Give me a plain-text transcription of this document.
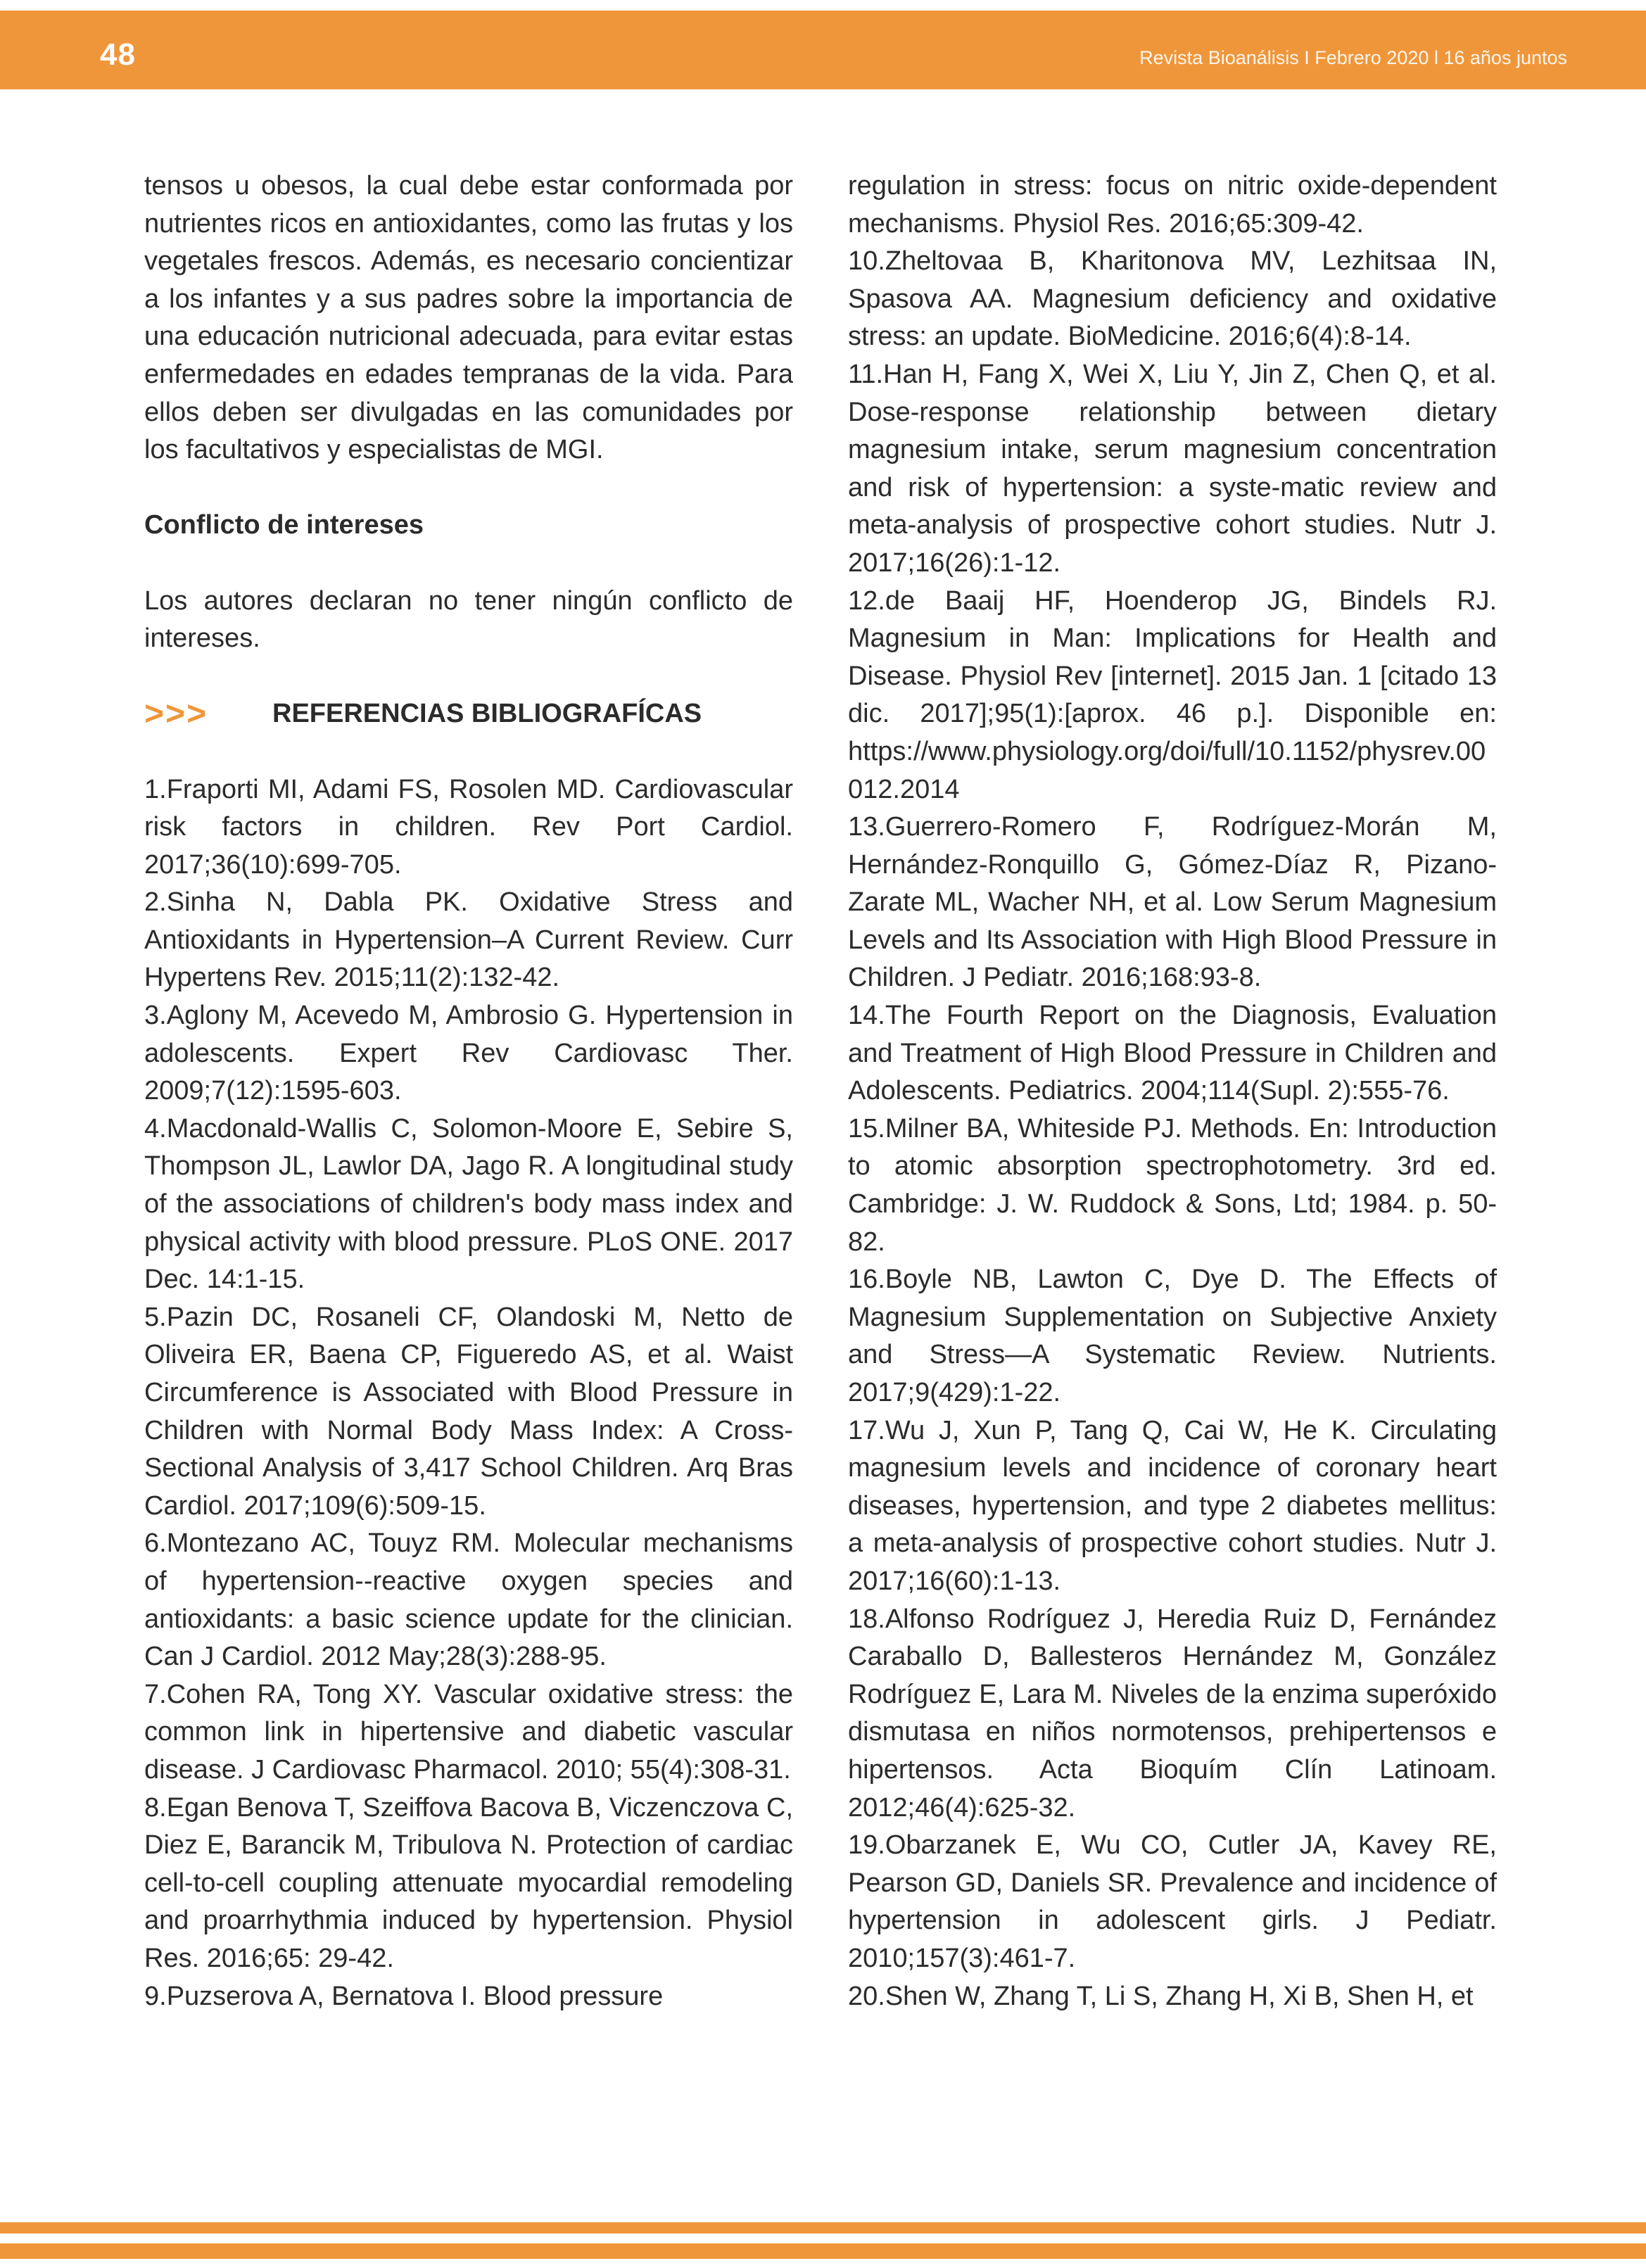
48	Revista Bioanálisis I Febrero 2020 l 16 años juntos

tensos u obesos, la cual debe estar conformada por nutrientes ricos en antioxidantes, como las frutas y los vegetales frescos. Además, es necesario concientizar a los infantes y a sus padres sobre la importancia de una educación nutricional adecuada, para evitar estas enfermedades en edades tempranas de la vida. Para ellos deben ser divulgadas en las comunidades por los facultativos y especialistas de MGI.

Conflicto de intereses

Los autores declaran no tener ningún conflicto de intereses.

>>>	REFERENCIAS BIBLIOGRAFÍCAS

1.Fraporti MI, Adami FS, Rosolen MD. Cardiovascular risk factors in children. Rev Port Cardiol. 2017;36(10):699-705.

2.Sinha N, Dabla PK. Oxidative Stress and Antioxidants in Hypertension–A Current Review. Curr Hypertens Rev. 2015;11(2):132-42.

3.Aglony M, Acevedo M, Ambrosio G. Hypertension in adolescents. Expert Rev Cardiovasc Ther. 2009;7(12):1595-603.

4.Macdonald-Wallis C, Solomon-Moore E, Sebire S, Thompson JL, Lawlor DA, Jago R. A longitudinal study of the associations of children's body mass index and physical activity with blood pressure. PLoS ONE. 2017 Dec. 14:1-15.

5.Pazin DC, Rosaneli CF, Olandoski M, Netto de Oliveira ER, Baena CP, Figueredo AS, et al. Waist Circumference is Associated with Blood Pressure in Children with Normal Body Mass Index: A Cross-Sectional Analysis of 3,417 School Children. Arq Bras Cardiol. 2017;109(6):509-15.

6.Montezano AC, Touyz RM. Molecular mechanisms of hypertension--reactive oxygen species and antioxidants: a basic science update for the clinician. Can J Cardiol. 2012 May;28(3):288-95.

7.Cohen RA, Tong XY. Vascular oxidative stress: the common link in hipertensive and diabetic vascular disease. J Cardiovasc Pharmacol. 2010; 55(4):308-31.

8.Egan Benova T, Szeiffova Bacova B, Viczenczova C, Diez E, Barancik M, Tribulova N. Protection of cardiac cell-to-cell coupling attenuate myocardial remodeling and proarrhythmia induced by hypertension. Physiol Res. 2016;65: 29-42.

9.Puzserova A, Bernatova I. Blood pressure

regulation in stress: focus on nitric oxide-dependent mechanisms. Physiol Res. 2016;65:309-42.

10.Zheltovaa B, Kharitonova MV, Lezhitsaa IN, Spasova AA. Magnesium deficiency and oxidative stress: an update. BioMedicine. 2016;6(4):8-14.

11.Han H, Fang X, Wei X, Liu Y, Jin Z, Chen Q, et al. Dose-response relationship between dietary magnesium intake, serum magnesium concentration and risk of hypertension: a syste-matic review and meta-analysis of prospective cohort studies. Nutr J. 2017;16(26):1-12.

12.de Baaij HF, Hoenderop JG, Bindels RJ. Magnesium in Man: Implications for Health and Disease. Physiol Rev [internet]. 2015 Jan. 1 [citado 13 dic. 2017];95(1):[aprox. 46 p.]. Disponible en: https://www.physiology.org/doi/full/10.1152/physrev.00012.2014

13.Guerrero-Romero F, Rodríguez-Morán M, Hernández-Ronquillo G, Gómez-Díaz R, Pizano-Zarate ML, Wacher NH, et al. Low Serum Magnesium Levels and Its Association with High Blood Pressure in Children. J Pediatr. 2016;168:93-8.

14.The Fourth Report on the Diagnosis, Evaluation and Treatment of High Blood Pressure in Children and Adolescents. Pediatrics. 2004;114(Supl. 2):555-76.

15.Milner BA, Whiteside PJ. Methods. En: Introduction to atomic absorption spectrophotometry. 3rd ed. Cambridge: J. W. Ruddock & Sons, Ltd; 1984. p. 50-82.

16.Boyle NB, Lawton C, Dye D. The Effects of Magnesium Supplementation on Subjective Anxiety and Stress—A Systematic Review. Nutrients. 2017;9(429):1-22.

17.Wu J, Xun P, Tang Q, Cai W, He K. Circulating magnesium levels and incidence of coronary heart diseases, hypertension, and type 2 diabetes mellitus: a meta-analysis of prospective cohort studies. Nutr J. 2017;16(60):1-13.

18.Alfonso Rodríguez J, Heredia Ruiz D, Fernández Caraballo D, Ballesteros Hernández M, González Rodríguez E, Lara M. Niveles de la enzima superóxido dismutasa en niños normotensos, prehipertensos e hipertensos. Acta Bioquím Clín Latinoam. 2012;46(4):625-32.

19.Obarzanek E, Wu CO, Cutler JA, Kavey RE, Pearson GD, Daniels SR. Prevalence and incidence of hypertension in adolescent girls. J Pediatr. 2010;157(3):461-7.

20.Shen W, Zhang T, Li S, Zhang H, Xi B, Shen H, et
